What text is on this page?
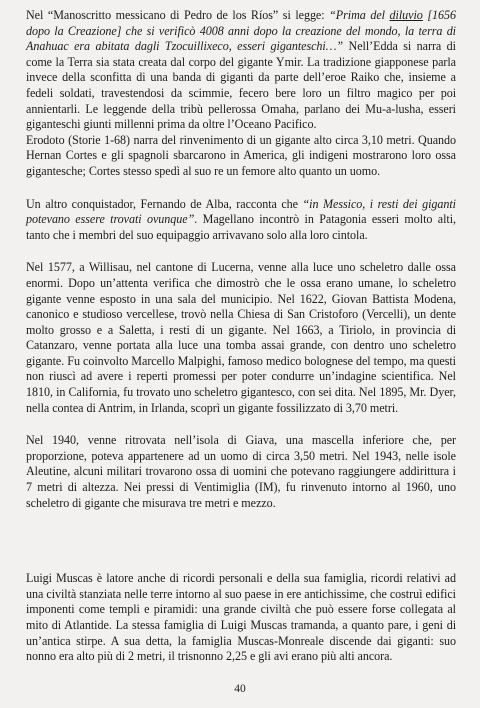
Nel “Manoscritto messicano di Pedro de los Ríos” si legge: “Prima del diluvio [1656 dopo la Creazione] che si verificò 4008 anni dopo la creazione del mondo, la terra di Anahuac era abitata dagli Tzocuillixeco, esseri giganteschi…” Nell’Edda si narra di come la Terra sia stata creata dal corpo del gigante Ymir. La tradizione giapponese parla invece della sconfitta di una banda di giganti da parte dell’eroe Raiko che, insieme a fedeli soldati, travestendosi da scimmie, fecero bere loro un filtro magico per poi annientarli. Le leggende della tribù pellerossa Omaha, parlano dei Mu-a-lusha, esseri giganteschi giunti millenni prima da oltre l’Oceano Pacifico.

Erodoto (Storie 1-68) narra del rinvenimento di un gigante alto circa 3,10 metri. Quando Hernan Cortes e gli spagnoli sbarcarono in America, gli indigeni mostrarono loro ossa gigantesche; Cortes stesso spedì al suo re un femore alto quanto un uomo.

Un altro conquistador, Fernando de Alba, racconta che “in Messico, i resti dei giganti potevano essere trovati ovunque”. Magellano incontrò in Patagonia esseri molto alti, tanto che i membri del suo equipaggio arrivavano solo alla loro cintola.

Nel 1577, a Willisau, nel cantone di Lucerna, venne alla luce uno scheletro dalle ossa enormi. Dopo un’attenta verifica che dimostrò che le ossa erano umane, lo scheletro gigante venne esposto in una sala del municipio. Nel 1622, Giovan Battista Modena, canonico e studioso vercellese, trovò nella Chiesa di San Cristoforo (Vercelli), un dente molto grosso e a Saletta, i resti di un gigante. Nel 1663, a Tiriolo, in provincia di Catanzaro, venne portata alla luce una tomba assai grande, con dentro uno scheletro gigante. Fu coinvolto Marcello Malpighi, famoso medico bolognese del tempo, ma questi non riuscì ad avere i reperti promessi per poter condurre un’indagine scientifica. Nel 1810, in California, fu trovato uno scheletro gigantesco, con sei dita. Nel 1895, Mr. Dyer, nella contea di Antrim, in Irlanda, scoprì un gigante fossilizzato di 3,70 metri.

Nel 1940, venne ritrovata nell’isola di Giava, una mascella inferiore che, per proporzione, poteva appartenere ad un uomo di circa 3,50 metri. Nel 1943, nelle isole Aleutine, alcuni militari trovarono ossa di uomini che potevano raggiungere addirittura i 7 metri di altezza. Nei pressi di Ventimiglia (IM), fu rinvenuto intorno al 1960, uno scheletro di gigante che misurava tre metri e mezzo.

Luigi Muscas è latore anche di ricordi personali e della sua famiglia, ricordi relativi ad una civiltà stanziata nelle terre intorno al suo paese in ere antichissime, che costruì edifici imponenti come templi e piramidi: una grande civiltà che può essere forse collegata al mito di Atlantide. La stessa famiglia di Luigi Muscas tramanda, a quanto pare, i geni di un’antica stirpe. A sua detta, la famiglia Muscas-Monreale discende dai giganti: suo nonno era alto più di 2 metri, il trisnonno 2,25 e gli avi erano più alti ancora.

40
